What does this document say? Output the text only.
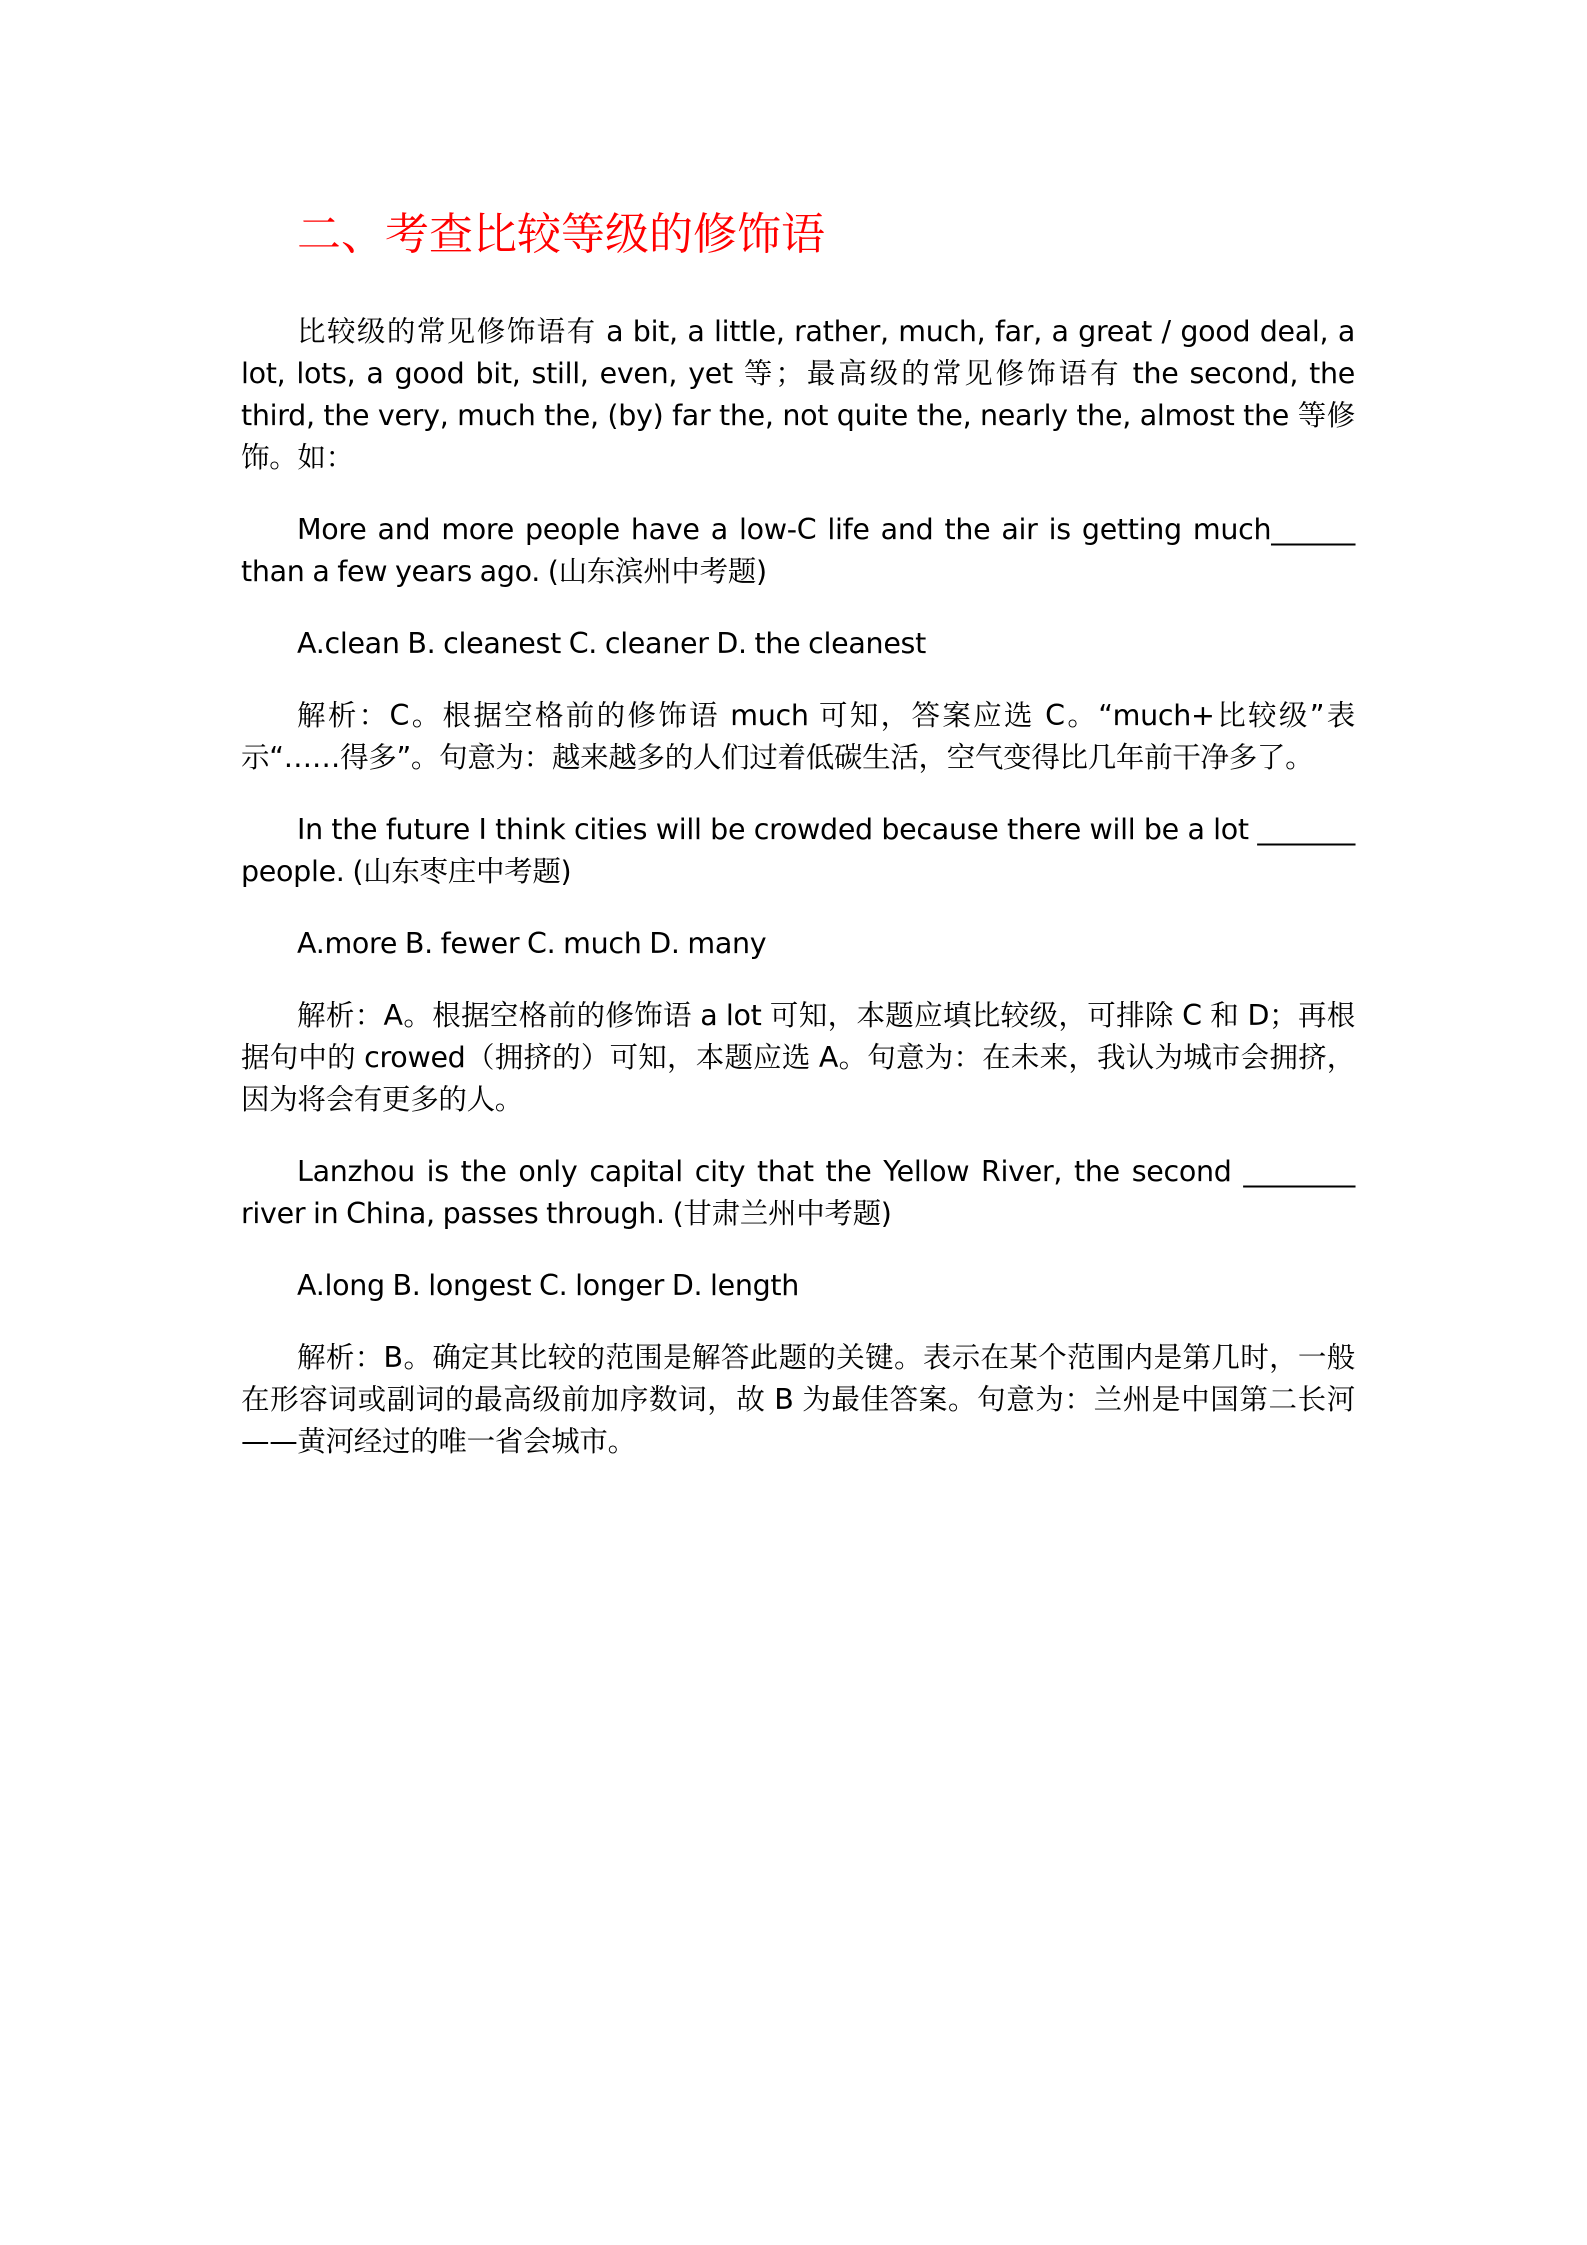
二、考查比较等级的修饰语

比较级的常见修饰语有 a bit, a little, rather, much, far, a great / good deal, a lot, lots, a good bit, still, even, yet 等；最高级的常见修饰语有 the second, the third, the very, much the, (by) far the, not quite the, nearly the, almost the 等修饰。如：

More and more people have a low-C life and the air is getting much______ than a few years ago. (山东滨州中考题)

A.clean B. cleanest C. cleaner D. the cleanest

解析：C。根据空格前的修饰语 much 可知，答案应选 C。“much+比较级”表示“……得多”。句意为：越来越多的人们过着低碳生活，空气变得比几年前干净多了。

In the future I think cities will be crowded because there will be a lot _______ people. (山东枣庄中考题)

A.more B. fewer C. much D. many

解析：A。根据空格前的修饰语 a lot 可知，本题应填比较级，可排除 C 和 D；再根据句中的 crowed（拥挤的）可知，本题应选 A。句意为：在未来，我认为城市会拥挤，因为将会有更多的人。

Lanzhou is the only capital city that the Yellow River, the second ________ river in China, passes through. (甘肃兰州中考题)

A.long B. longest C. longer D. length

解析：B。确定其比较的范围是解答此题的关键。表示在某个范围内是第几时，一般在形容词或副词的最高级前加序数词，故 B 为最佳答案。句意为：兰州是中国第二长河——黄河经过的唯一省会城市。
